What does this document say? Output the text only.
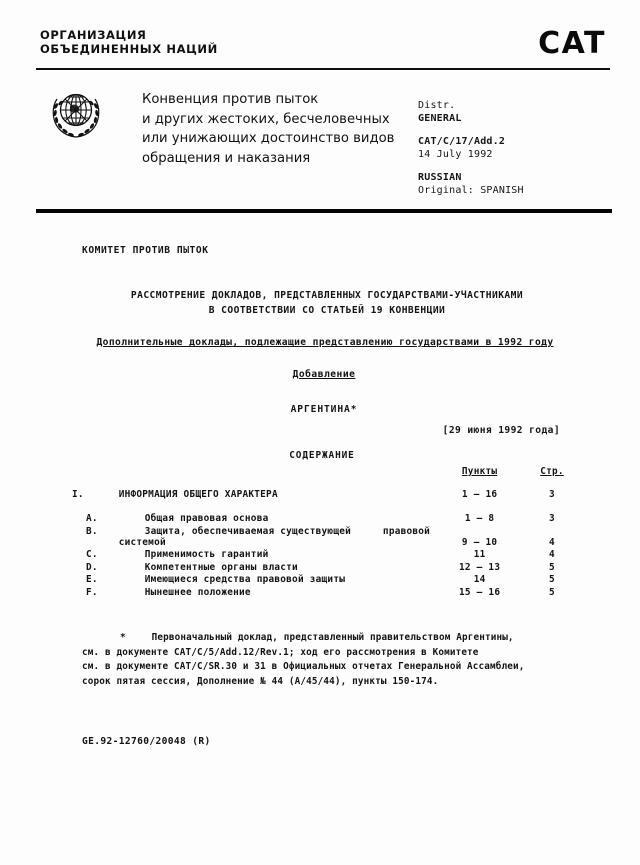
ОРГАНИЗАЦИЯ
ОБЪЕДИНЕННЫХ НАЦИЙ	CAT
Конвенция против пыток
и других жестоких, бесчеловечных
или унижающих достоинство видов
обращения и наказания
Distr.
GENERAL
CAT/C/17/Add.2
14 July 1992
RUSSIAN
Original: SPANISH
КОМИТЕТ ПРОТИВ ПЫТОК
РАССМОТРЕНИЕ ДОКЛАДОВ, ПРЕДСТАВЛЕННЫХ ГОСУДАРСТВАМИ-УЧАСТНИКАМИ
В СООТВЕТСТВИИ СО СТАТЬЕЙ 19 КОНВЕНЦИИ
Дополнительные доклады, подлежащие представлению государствами в 1992 году
Добавление
АРГЕНТИНА*
[29 июня 1992 года]
СОДЕРЖАНИЕ
		Пункты	Стр.
I.	ИНФОРМАЦИЯ ОБЩЕГО ХАРАКТЕРА	1 – 16	3
A.	Общая правовая основа	1 – 8	3
B.	Защита, обеспечиваемая существующей правовой системой	9 – 10	4
C.	Применимость гарантий	11	4
D.	Компетентные органы власти	12 – 13	5
E.	Имеющиеся средства правовой защиты	14	5
F.	Нынешнее положение	15 – 16	5
*	Первоначальный доклад, представленный правительством Аргентины,
см. в документе CAT/C/5/Add.12/Rev.1; ход его рассмотрения в Комитете
см. в документе CAT/C/SR.30 и 31 в Официальных отчетах Генеральной Ассамблеи,
сорок пятая сессия, Дополнение № 44 (A/45/44), пункты 150-174.
GE.92-12760/20048 (R)
